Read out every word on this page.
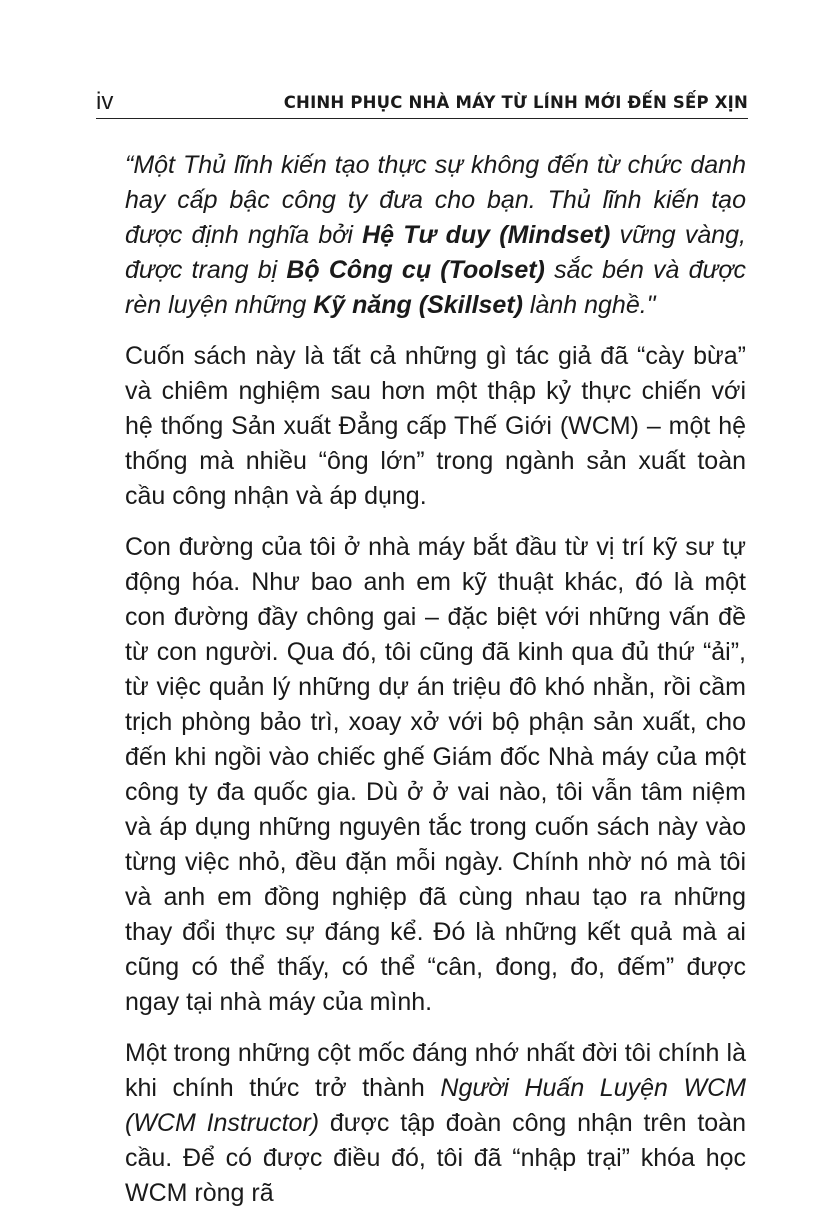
iv	CHINH PHỤC NHÀ MÁY TỪ LÍNH MỚI ĐẾN SẾP XỊN

“Một Thủ lĩnh kiến tạo thực sự không đến từ chức danh hay cấp bậc công ty đưa cho bạn. Thủ lĩnh kiến tạo được định nghĩa bởi Hệ Tư duy (Mindset) vững vàng, được trang bị Bộ Công cụ (Toolset) sắc bén và được rèn luyện những Kỹ năng (Skillset) lành nghề."

Cuốn sách này là tất cả những gì tác giả đã “cày bừa” và chiêm nghiệm sau hơn một thập kỷ thực chiến với hệ thống Sản xuất Đẳng cấp Thế Giới (WCM) – một hệ thống mà nhiều “ông lớn” trong ngành sản xuất toàn cầu công nhận và áp dụng.

Con đường của tôi ở nhà máy bắt đầu từ vị trí kỹ sư tự động hóa. Như bao anh em kỹ thuật khác, đó là một con đường đầy chông gai – đặc biệt với những vấn đề từ con người. Qua đó, tôi cũng đã kinh qua đủ thứ “ải”, từ việc quản lý những dự án triệu đô khó nhằn, rồi cầm trịch phòng bảo trì, xoay xở với bộ phận sản xuất, cho đến khi ngồi vào chiếc ghế Giám đốc Nhà máy của một công ty đa quốc gia. Dù ở ở vai nào, tôi vẫn tâm niệm và áp dụng những nguyên tắc trong cuốn sách này vào từng việc nhỏ, đều đặn mỗi ngày. Chính nhờ nó mà tôi và anh em đồng nghiệp đã cùng nhau tạo ra những thay đổi thực sự đáng kể. Đó là những kết quả mà ai cũng có thể thấy, có thể “cân, đong, đo, đếm” được ngay tại nhà máy của mình.

Một trong những cột mốc đáng nhớ nhất đời tôi chính là khi chính thức trở thành Người Huấn Luyện WCM (WCM Instructor) được tập đoàn công nhận trên toàn cầu. Để có được điều đó, tôi đã “nhập trại” khóa học WCM ròng rã
